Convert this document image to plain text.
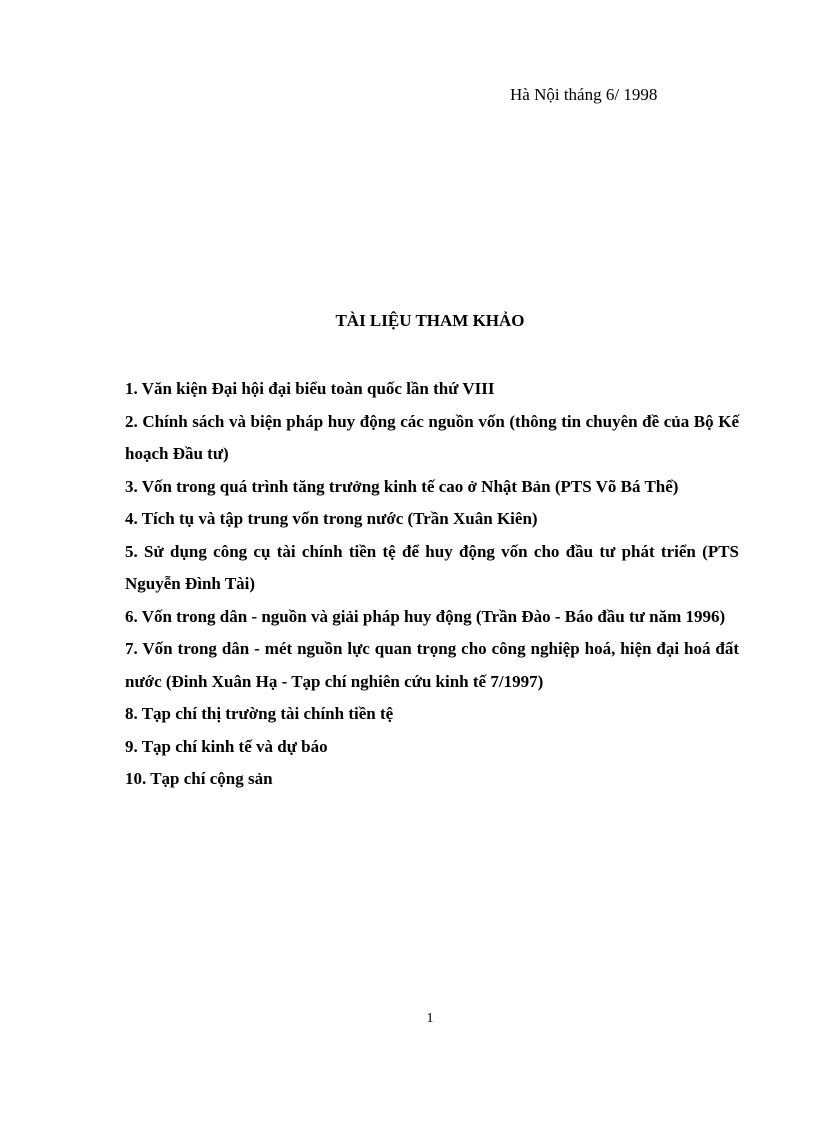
Hà Nội tháng 6/ 1998
TÀI LIỆU THAM KHẢO
1. Văn kiện Đại hội đại biểu toàn quốc lần thứ VIII
2. Chính sách và biện pháp huy động các nguồn vốn (thông tin chuyên đề của Bộ Kế hoạch Đầu tư)
3. Vốn trong quá trình tăng trưởng kinh tế cao ở Nhật Bản (PTS Võ Bá Thể)
4. Tích tụ và tập trung vốn trong nước (Trần Xuân Kiên)
5. Sử dụng công cụ tài chính tiền tệ để huy động vốn cho đầu tư phát triển (PTS Nguyễn Đình Tài)
6. Vốn trong dân - nguồn và giải pháp huy động (Trần Đào - Báo đầu tư năm 1996)
7. Vốn trong dân - mét nguồn lực quan trọng cho công nghiệp hoá, hiện đại hoá đất nước (Đinh Xuân Hạ - Tạp chí nghiên cứu kinh tế 7/1997)
8. Tạp chí thị trường tài chính tiền tệ
9. Tạp chí kinh tế và dự báo
10. Tạp chí cộng sản
1
